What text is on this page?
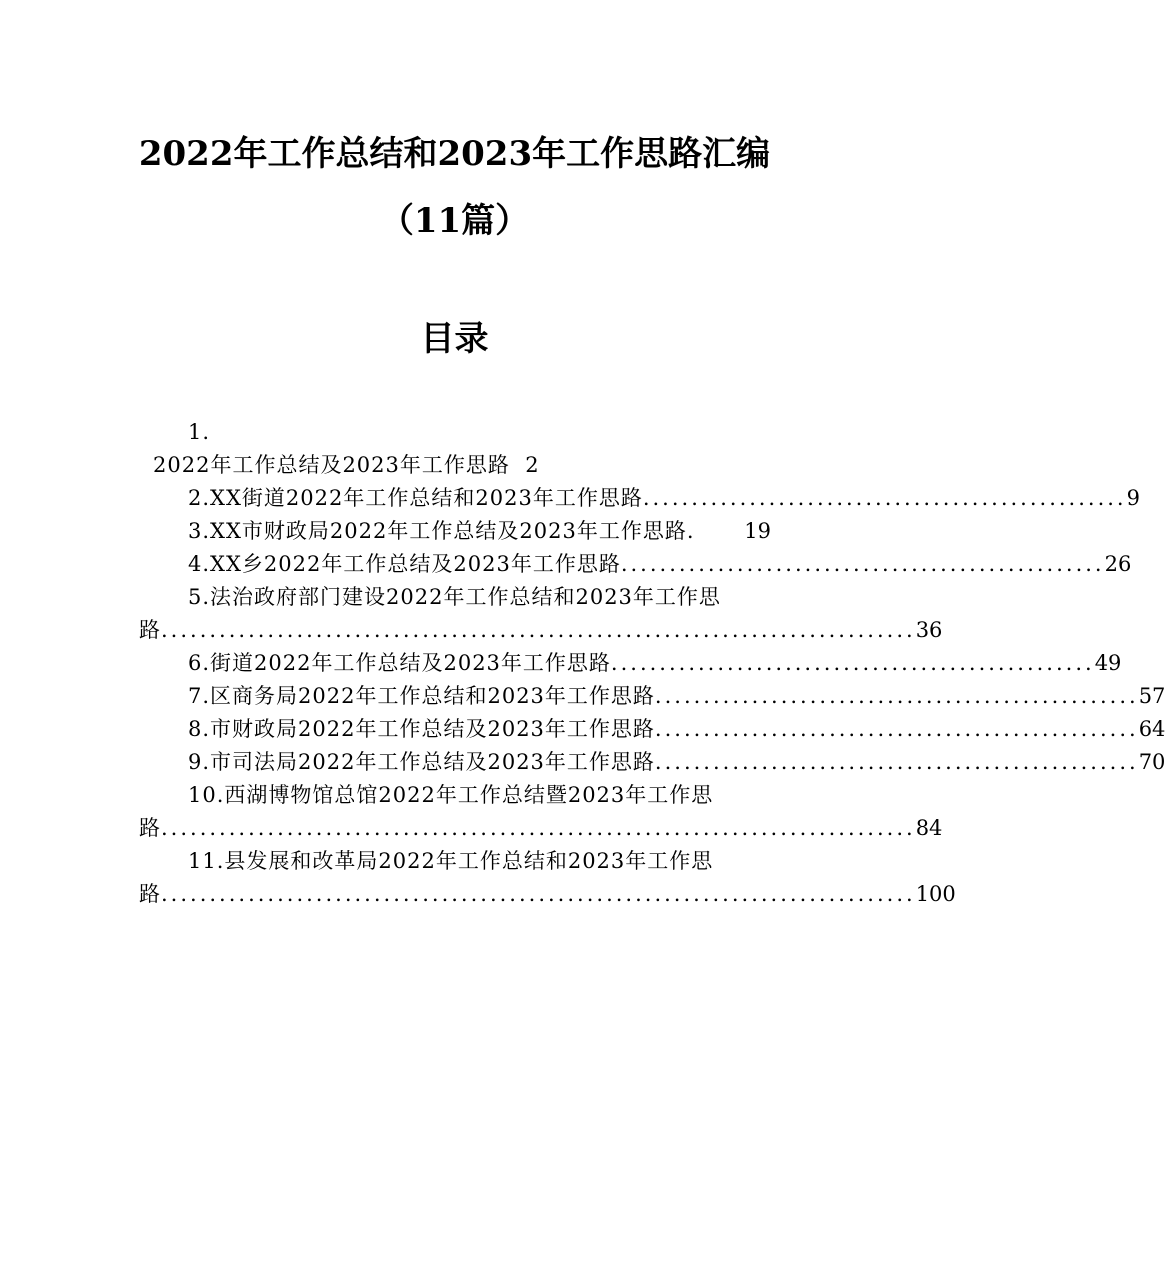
2022年工作总结和2023年工作思路汇编
（11篇）
目录
1.
2022年工作总结及2023年工作思路 2
2.XX街道2022年工作总结和2023年工作思路 .................................................. 9
3.XX市财政局2022年工作总结及2023年工作思路. 19
4.XX乡2022年工作总结及2023年工作思路 .................................................. 26
5.法治政府部门建设2022年工作总结和2023年工作思
路 .............................................................................. 36
6.街道2022年工作总结及2023年工作思路 .................................................. 49
7.区商务局2022年工作总结和2023年工作思路 .................................................. 57
8.市财政局2022年工作总结及2023年工作思路 .................................................. 64
9.市司法局2022年工作总结及2023年工作思路 .................................................. 70
10.西湖博物馆总馆2022年工作总结暨2023年工作思
路 .............................................................................. 84
11.县发展和改革局2022年工作总结和2023年工作思
路 .............................................................................. 100
